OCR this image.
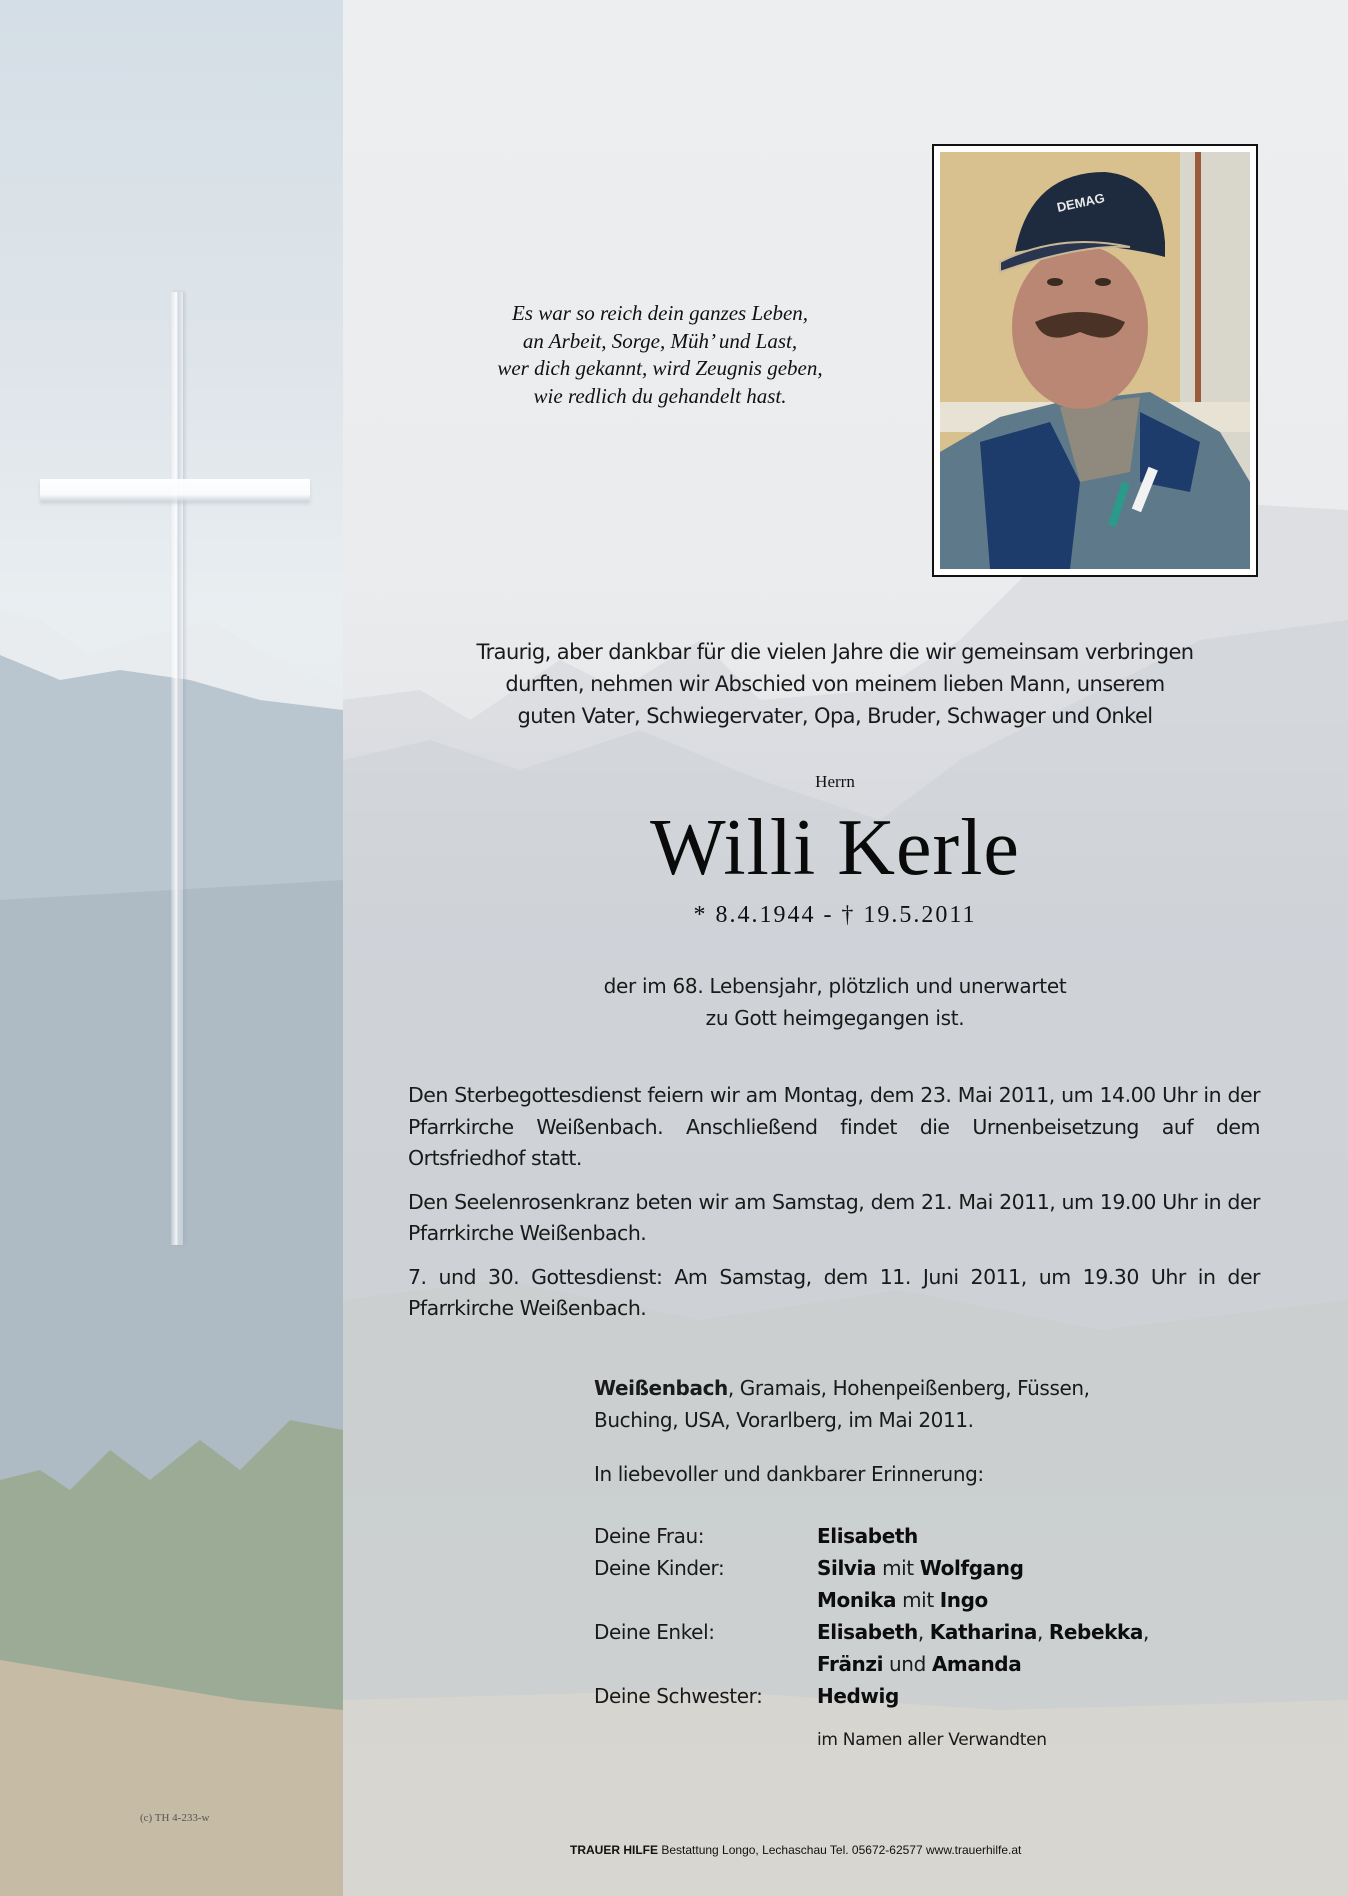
(c) TH 4-233-w
Es war so reich dein ganzes Leben,
an Arbeit, Sorge, Müh’ und Last,
wer dich gekannt, wird Zeugnis geben,
wie redlich du gehandelt hast.
DEMAG
Traurig, aber dankbar für die vielen Jahre die wir gemeinsam verbringen
durften, nehmen wir Abschied von meinem lieben Mann, unserem
guten Vater, Schwiegervater, Opa, Bruder, Schwager und Onkel
Herrn
Willi Kerle
* 8.4.1944 - † 19.5.2011
der im 68. Lebensjahr, plötzlich und unerwartet
zu Gott heimgegangen ist.

Den Sterbegottesdienst feiern wir am Montag, dem 23. Mai 2011, um 14.00 Uhr in der Pfarrkirche Weißenbach. Anschließend findet die Urnenbeisetzung auf dem Ortsfriedhof statt.

Den Seelenrosenkranz beten wir am Samstag, dem 21. Mai 2011, um 19.00 Uhr in der Pfarrkirche Weißenbach.

7. und 30. Gottesdienst: Am Samstag, dem 11. Juni 2011, um 19.30 Uhr in der Pfarrkirche Weißenbach.

Weißenbach, Gramais, Hohenpeißenberg, Füssen,
Buching, USA, Vorarlberg, im Mai 2011.
In liebevoller und dankbarer Erinnerung:
Deine Frau:	Elisabeth
Deine Kinder:	Silvia mit Wolfgang
Monika mit Ingo
Deine Enkel:	Elisabeth, Katharina, Rebekka,
Fränzi und Amanda
Deine Schwester:	Hedwig
im Namen aller Verwandten
TRAUER HILFE Bestattung Longo, Lechaschau Tel. 05672-62577 www.trauerhilfe.at
